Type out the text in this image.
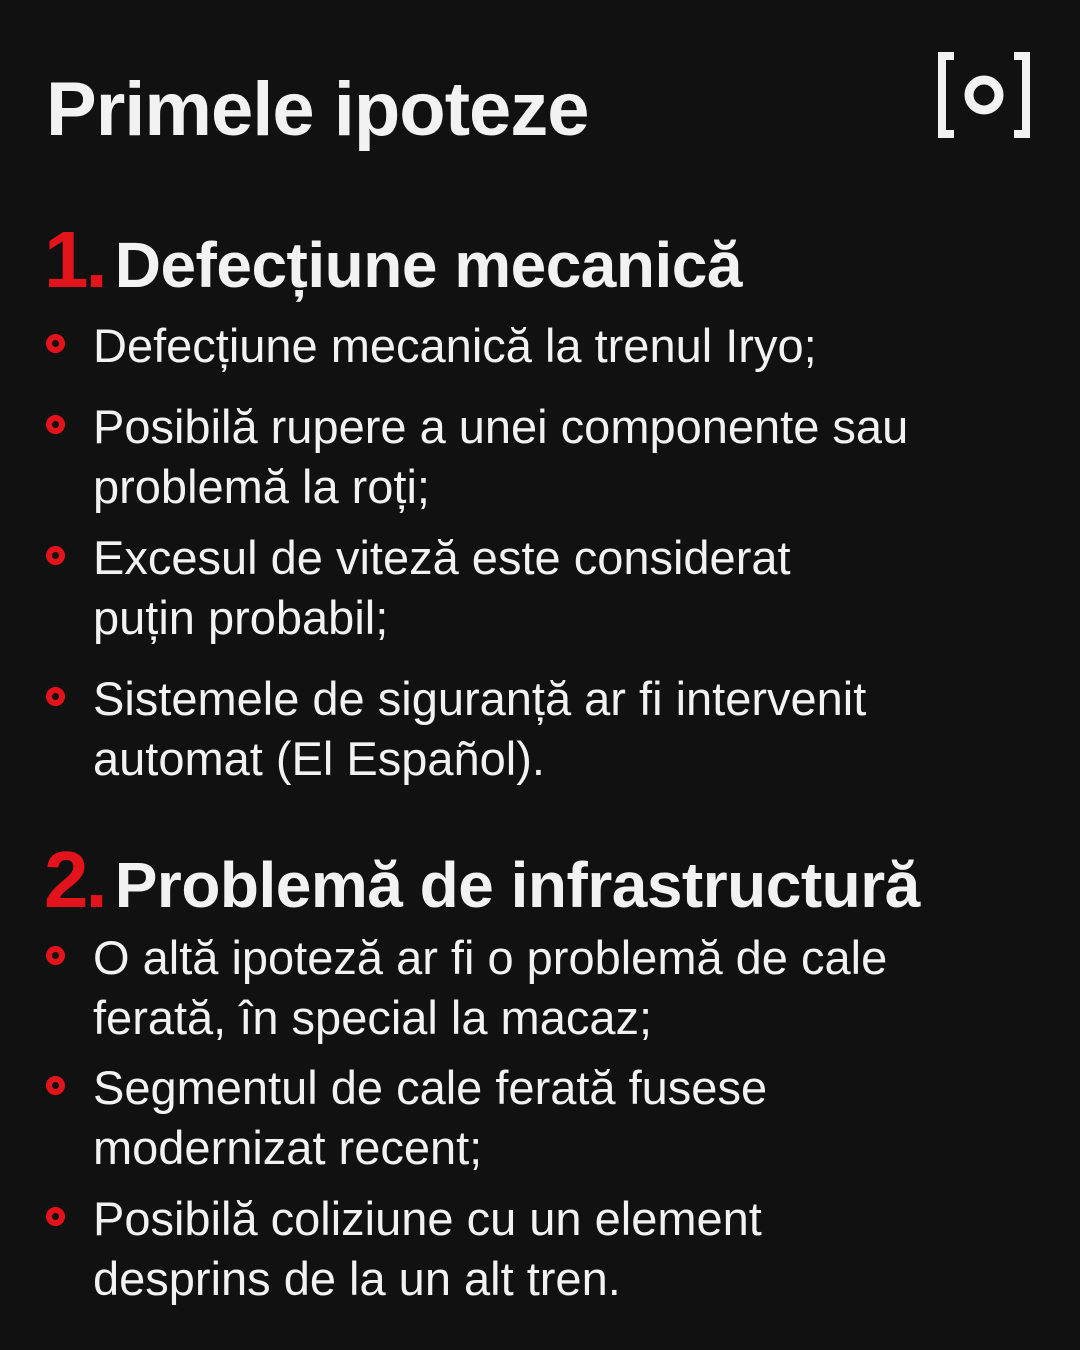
Primele ipoteze
1. Defecțiune mecanică
Defecțiune mecanică la trenul Iryo;
Posibilă rupere a unei componente sau problemă la roți;
Excesul de viteză este considerat puțin probabil;
Sistemele de siguranță ar fi intervenit automat (El Español).
2. Problemă de infrastructură
O altă ipoteză ar fi o problemă de cale ferată, în special la macaz;
Segmentul de cale ferată fusese modernizat recent;
Posibilă coliziune cu un element desprins de la un alt tren.
